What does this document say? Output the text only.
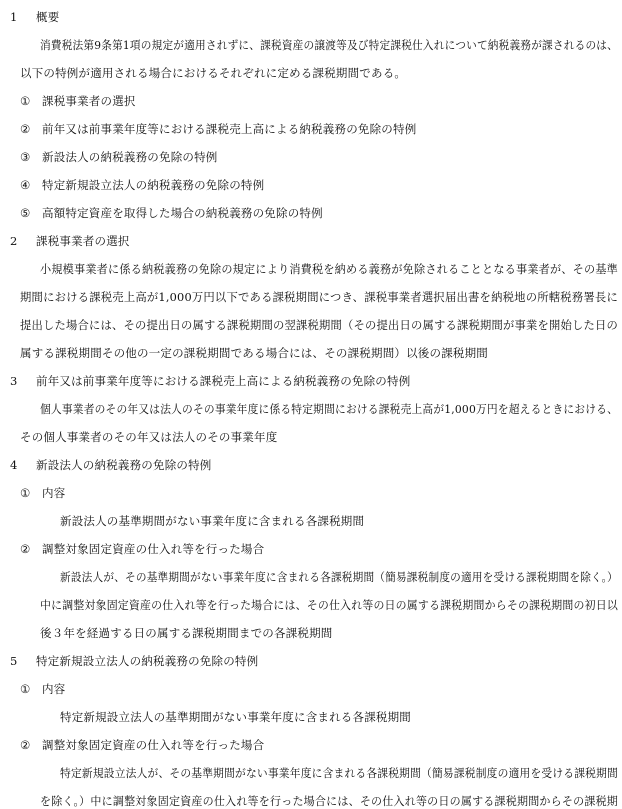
1 概要
消費税法第9条第1項の規定が適用されずに、課税資産の譲渡等及び特定課税仕入れについて納税義務が課されるのは、
以下の特例が適用される場合におけるそれぞれに定める課税期間である。
① 課税事業者の選択
② 前年又は前事業年度等における課税売上高による納税義務の免除の特例
③ 新設法人の納税義務の免除の特例
④ 特定新規設立法人の納税義務の免除の特例
⑤ 高額特定資産を取得した場合の納税義務の免除の特例
2 課税事業者の選択
小規模事業者に係る納税義務の免除の規定により消費税を納める義務が免除されることとなる事業者が、その基準
期間における課税売上高が1,000万円以下である課税期間につき、課税事業者選択届出書を納税地の所轄税務署長に
提出した場合には、その提出日の属する課税期間の翌課税期間（その提出日の属する課税期間が事業を開始した日の
属する課税期間その他の一定の課税期間である場合には、その課税期間）以後の課税期間
3 前年又は前事業年度等における課税売上高による納税義務の免除の特例
個人事業者のその年又は法人のその事業年度に係る特定期間における課税売上高が1,000万円を超えるときにおける、
その個人事業者のその年又は法人のその事業年度
4 新設法人の納税義務の免除の特例
① 内容
新設法人の基準期間がない事業年度に含まれる各課税期間
② 調整対象固定資産の仕入れ等を行った場合
新設法人が、その基準期間がない事業年度に含まれる各課税期間（簡易課税制度の適用を受ける課税期間を除く。）
中に調整対象固定資産の仕入れ等を行った場合には、その仕入れ等の日の属する課税期間からその課税期間の初日以
後３年を経過する日の属する課税期間までの各課税期間
5 特定新規設立法人の納税義務の免除の特例
① 内容
特定新規設立法人の基準期間がない事業年度に含まれる各課税期間
② 調整対象固定資産の仕入れ等を行った場合
特定新規設立法人が、その基準期間がない事業年度に含まれる各課税期間（簡易課税制度の適用を受ける課税期間
を除く。）中に調整対象固定資産の仕入れ等を行った場合には、その仕入れ等の日の属する課税期間からその課税期
